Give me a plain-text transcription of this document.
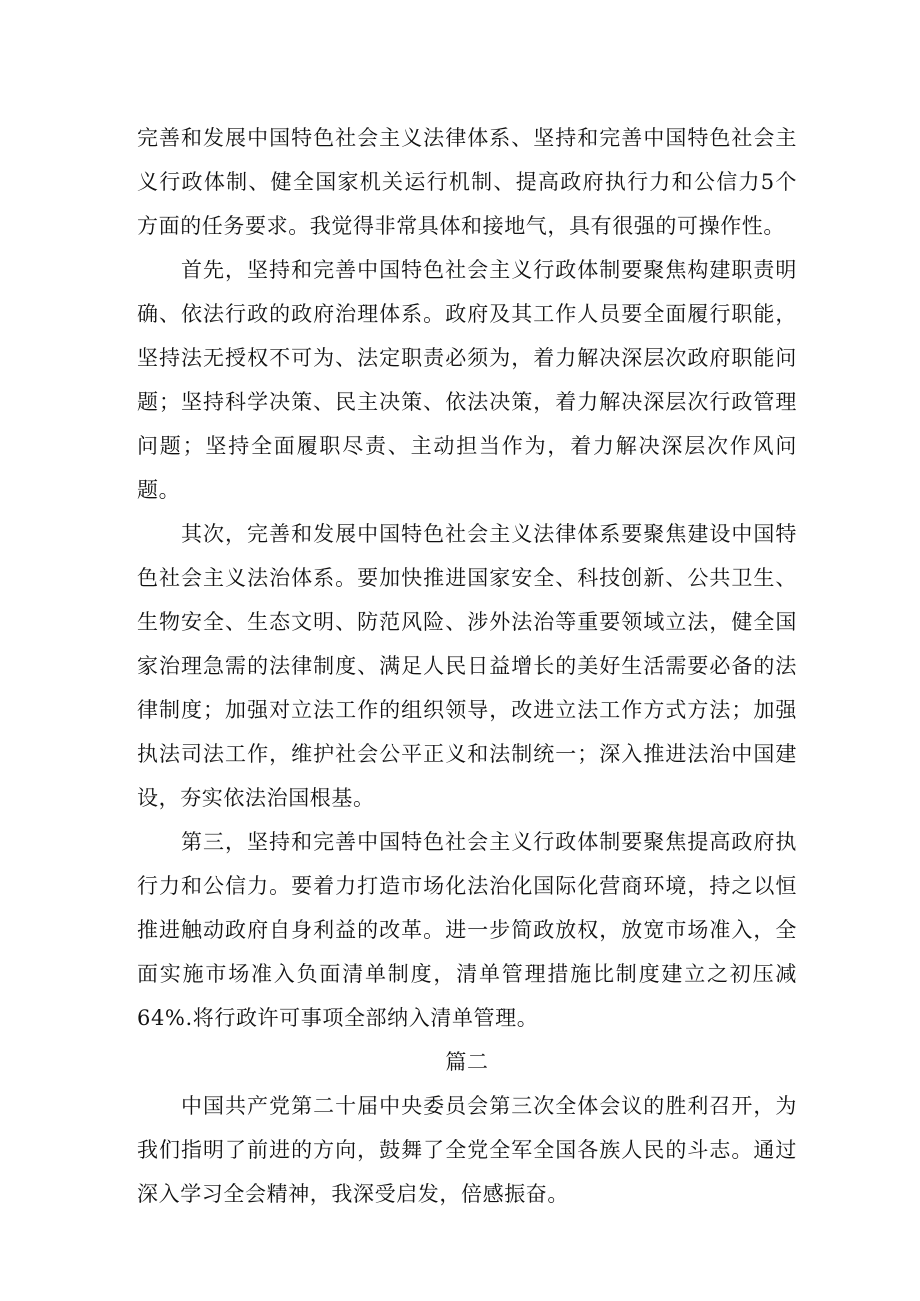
完善和发展中国特色社会主义法律体系、坚持和完善中国特色社会主义行政体制、健全国家机关运行机制、提高政府执行力和公信力5个方面的任务要求。我觉得非常具体和接地气，具有很强的可操作性。

首先，坚持和完善中国特色社会主义行政体制要聚焦构建职责明确、依法行政的政府治理体系。政府及其工作人员要全面履行职能，坚持法无授权不可为、法定职责必须为，着力解决深层次政府职能问题；坚持科学决策、民主决策、依法决策，着力解决深层次行政管理问题；坚持全面履职尽责、主动担当作为，着力解决深层次作风问题。

其次，完善和发展中国特色社会主义法律体系要聚焦建设中国特色社会主义法治体系。要加快推进国家安全、科技创新、公共卫生、生物安全、生态文明、防范风险、涉外法治等重要领域立法，健全国家治理急需的法律制度、满足人民日益增长的美好生活需要必备的法律制度；加强对立法工作的组织领导，改进立法工作方式方法；加强执法司法工作，维护社会公平正义和法制统一；深入推进法治中国建设，夯实依法治国根基。

第三，坚持和完善中国特色社会主义行政体制要聚焦提高政府执行力和公信力。要着力打造市场化法治化国际化营商环境，持之以恒推进触动政府自身利益的改革。进一步简政放权，放宽市场准入，全面实施市场准入负面清单制度，清单管理措施比制度建立之初压减64%.将行政许可事项全部纳入清单管理。

篇二

中国共产党第二十届中央委员会第三次全体会议的胜利召开，为我们指明了前进的方向，鼓舞了全党全军全国各族人民的斗志。通过深入学习全会精神，我深受启发，倍感振奋。
